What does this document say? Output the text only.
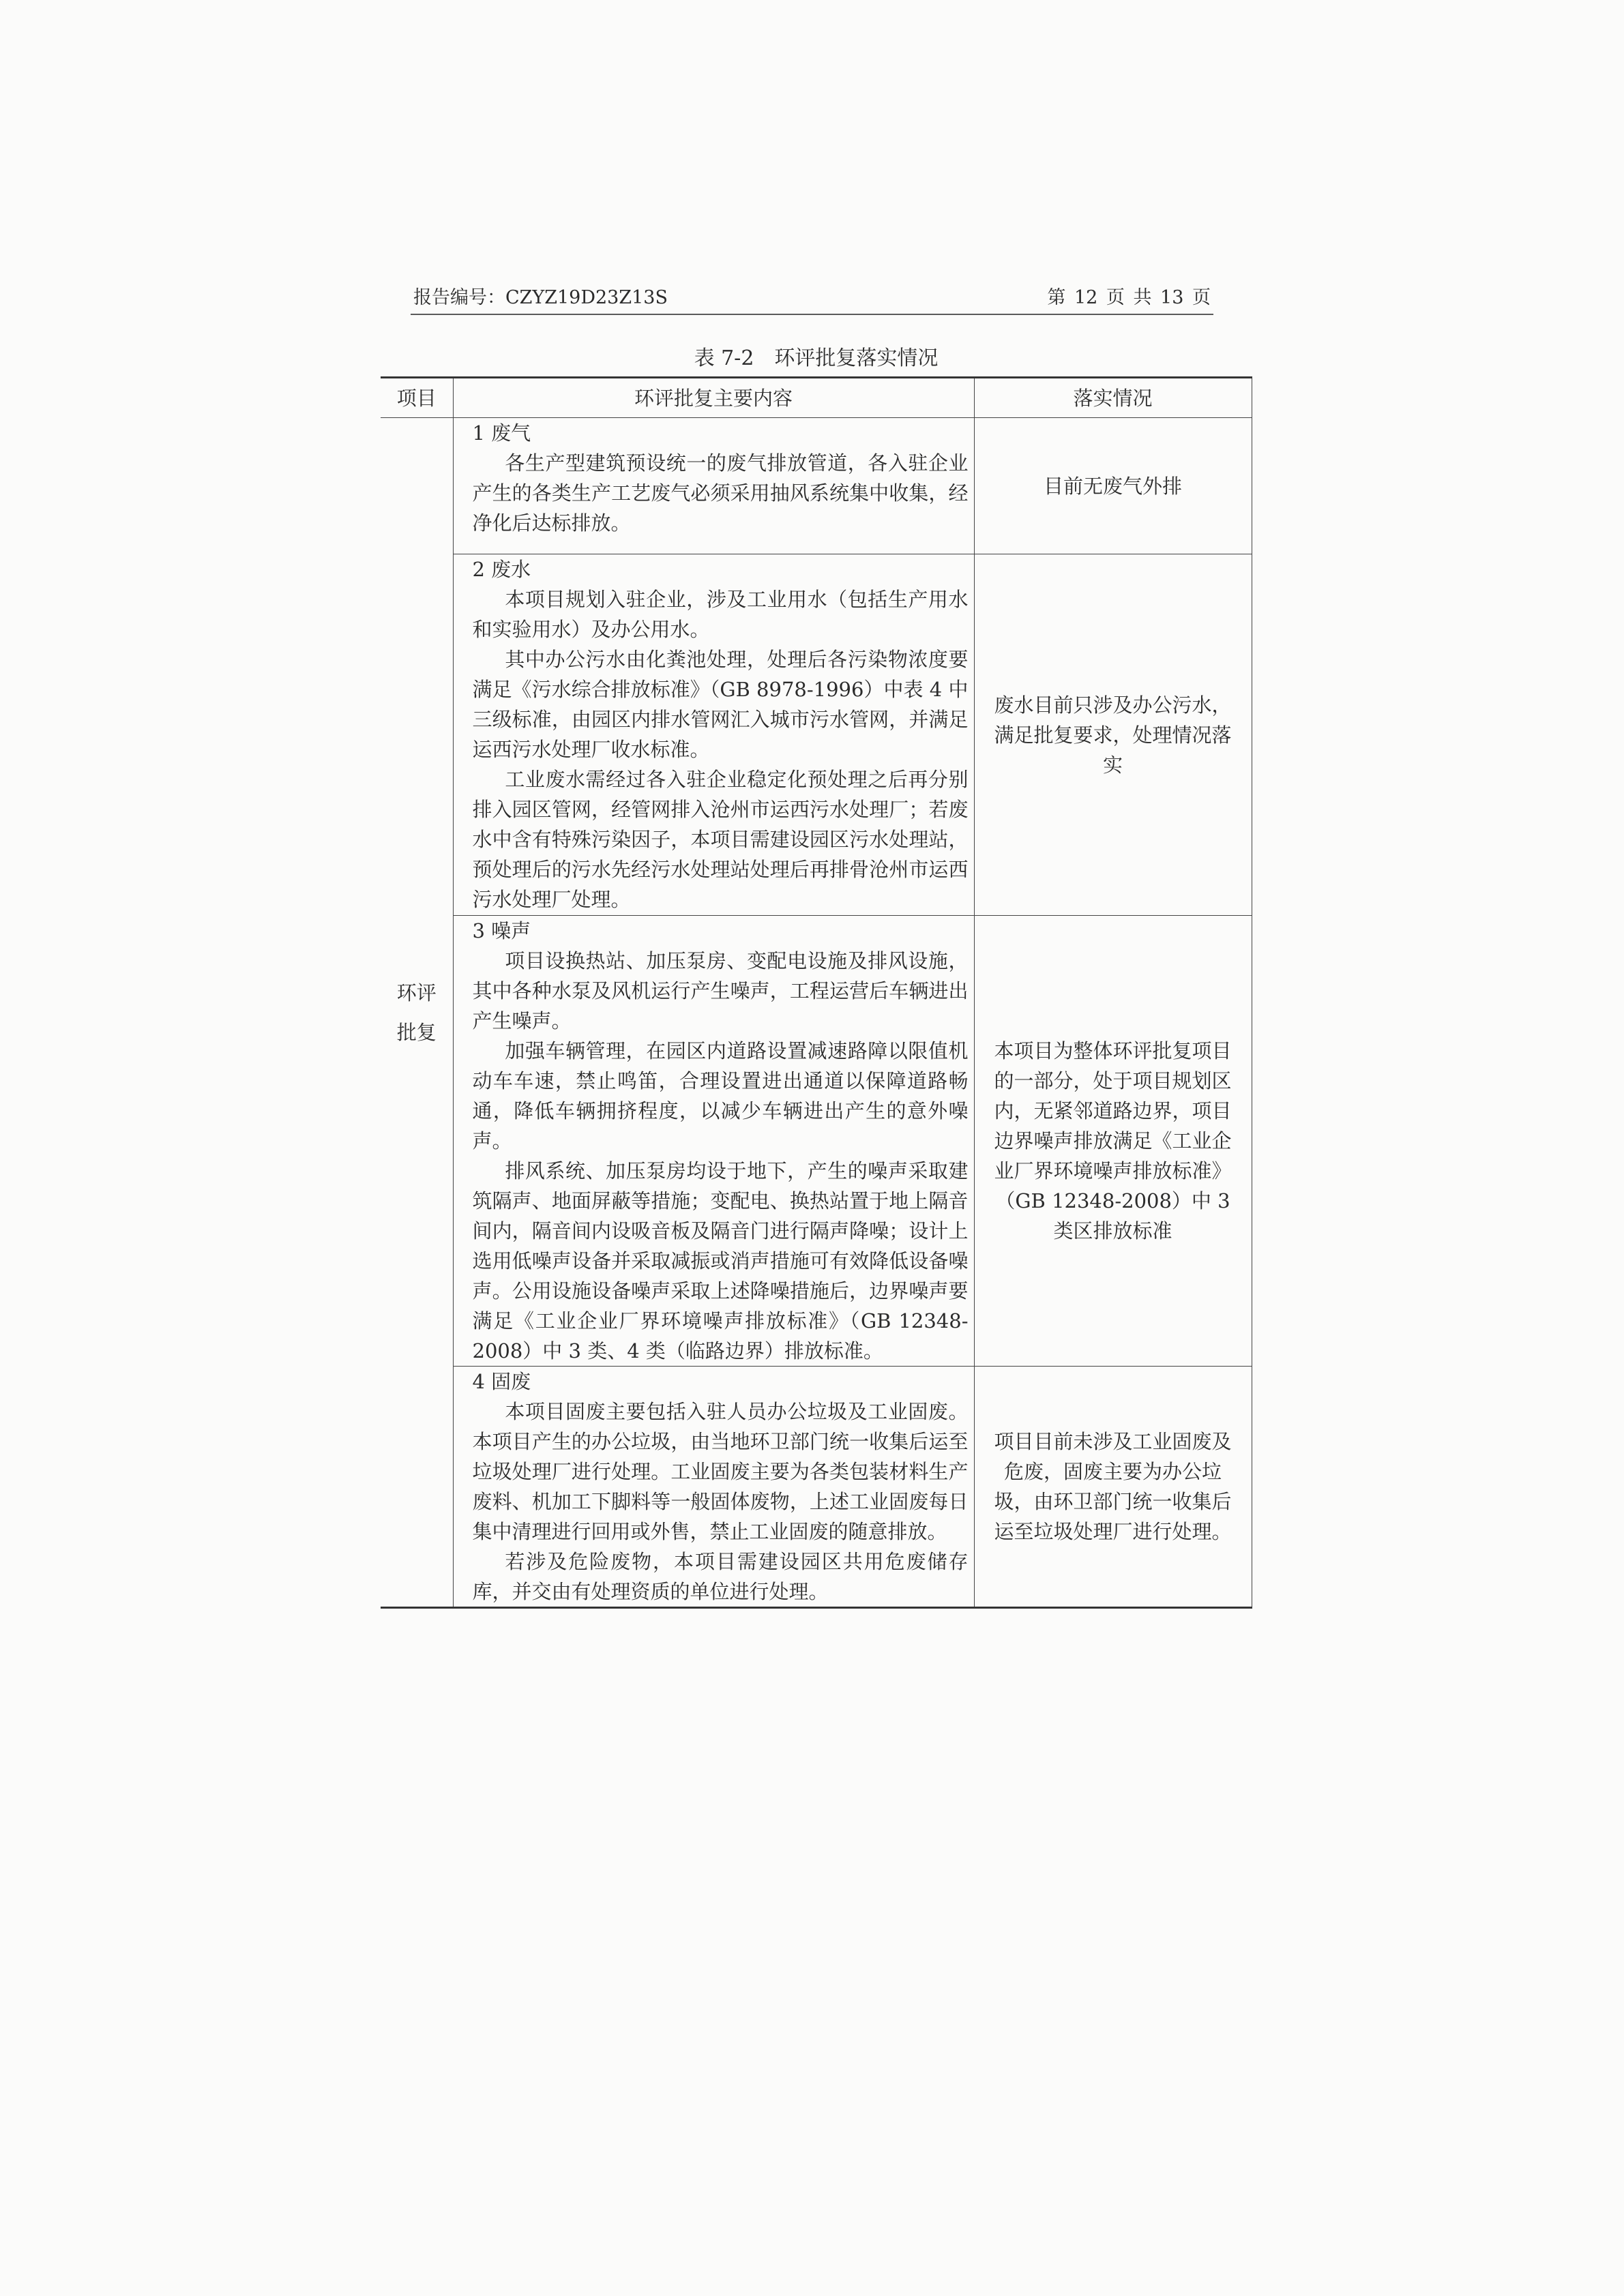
报告编号：CZYZ19D23Z13S	第 12 页 共 13 页
表 7-2　环评批复落实情况
项目	环评批复主要内容	落实情况
环评批复	1 废气
各生产型建筑预设统一的废气排放管道，各入驻企业产生的各类生产工艺废气必须采用抽风系统集中收集，经净化后达标排放。	目前无废气外排

	2 废水
本项目规划入驻企业，涉及工业用水（包括生产用水和实验用水）及办公用水。
其中办公污水由化粪池处理，处理后各污染物浓度要满足《污水综合排放标准》（GB 8978-1996）中表 4 中三级标准，由园区内排水管网汇入城市污水管网，并满足运西污水处理厂收水标准。
工业废水需经过各入驻企业稳定化预处理之后再分别排入园区管网，经管网排入沧州市运西污水处理厂；若废水中含有特殊污染因子，本项目需建设园区污水处理站，预处理后的污水先经污水处理站处理后再排骨沧州市运西污水处理厂处理。	废水目前只涉及办公污水，满足批复要求，处理情况落实

	3 噪声
项目设换热站、加压泵房、变配电设施及排风设施，其中各种水泵及风机运行产生噪声，工程运营后车辆进出产生噪声。
加强车辆管理，在园区内道路设置减速路障以限值机动车车速，禁止鸣笛，合理设置进出通道以保障道路畅通，降低车辆拥挤程度，以减少车辆进出产生的意外噪声。
排风系统、加压泵房均设于地下，产生的噪声采取建筑隔声、地面屏蔽等措施；变配电、换热站置于地上隔音间内，隔音间内设吸音板及隔音门进行隔声降噪；设计上选用低噪声设备并采取减振或消声措施可有效降低设备噪声。公用设施设备噪声采取上述降噪措施后，边界噪声要满足《工业企业厂界环境噪声排放标准》（GB 12348-2008）中 3 类、4 类（临路边界）排放标准。	本项目为整体环评批复项目的一部分，处于项目规划区内，无紧邻道路边界，项目边界噪声排放满足《工业企业厂界环境噪声排放标准》（GB 12348-2008）中 3 类区排放标准

	4 固废
本项目固废主要包括入驻人员办公垃圾及工业固废。本项目产生的办公垃圾，由当地环卫部门统一收集后运至垃圾处理厂进行处理。工业固废主要为各类包装材料生产废料、机加工下脚料等一般固体废物，上述工业固废每日集中清理进行回用或外售，禁止工业固废的随意排放。
若涉及危险废物，本项目需建设园区共用危废储存库，并交由有处理资质的单位进行处理。	项目目前未涉及工业固废及危废，固废主要为办公垃圾，由环卫部门统一收集后运至垃圾处理厂进行处理。
